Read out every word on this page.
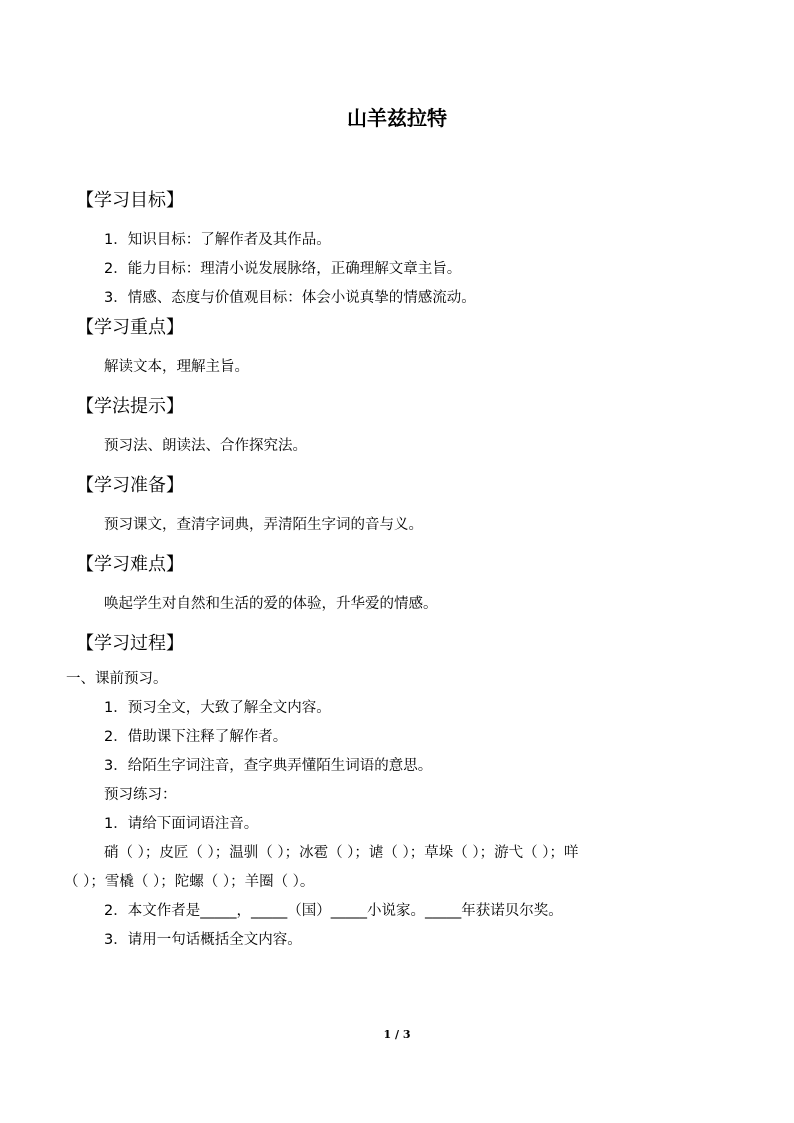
山羊兹拉特
【学习目标】
1．知识目标：了解作者及其作品。
2．能力目标：理清小说发展脉络，正确理解文章主旨。
3．情感、态度与价值观目标：体会小说真挚的情感流动。
【学习重点】
解读文本，理解主旨。
【学法提示】
预习法、朗读法、合作探究法。
【学习准备】
预习课文，查清字词典，弄清陌生字词的音与义。
【学习难点】
唤起学生对自然和生活的爱的体验，升华爱的情感。
【学习过程】
一、课前预习。
1．预习全文，大致了解全文内容。
2．借助课下注释了解作者。
3．给陌生字词注音，查字典弄懂陌生词语的意思。
预习练习：
1．请给下面词语注音。
硝（ ）；皮匠（ ）；温驯（ ）；冰雹（ ）；谑（ ）；草垛（ ）；游弋（ ）；咩
（ ）；雪橇（ ）；陀螺（ ）；羊圈（ ）。
2．本文作者是_____，_____（国）_____小说家。_____年获诺贝尔奖。
3．请用一句话概括全文内容。
1 / 3
